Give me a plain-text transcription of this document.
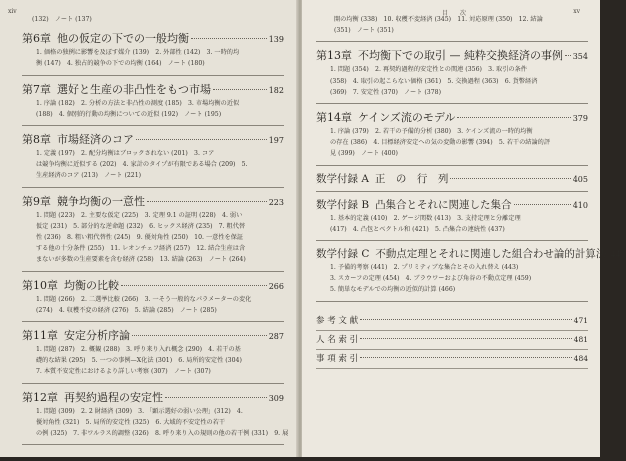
xiv
(132)　ノート (137)
第6章 他の仮定の下での一般均衡	139
1. 価格の独例に影響を及ぼす媒介 (139)　2. 外部性 (142)　3. 一時的均
衡 (147)　4. 独占的競争の下での均衡 (164)　ノート (180)
第7章 選好と生産の非凸性をもつ市場	182
1. 序論 (182)　2. 分析の方法と非凸性の測度 (185)　3. 市場均衡の近似
(188)　4. 個別的行動の均衡についての近似 (192)　ノート (195)
第8章 市場経済のコア	197
1. 定義 (197)　2. 配分均衡はブロックされない (201)　3. コア
は競争均衡に近似する (202)　4. 家計のタイプが有限である場合 (209)　5.
生産経済のコア (213)　ノート (221)
第9章 競争均衡の一意性	223
1. 問題 (223)　2. 主要な仮定 (225)　3. 定理 9.1 の証明 (228)　4. 弱い
仮定 (231)　5. 部分的な逆命題 (232)　6. ヒックス経済 (235)　7. 粗代替
性 (236)　8. 粗い粗代替性 (245)　9. 優対角性 (250)　10. 一意性を保証
する他の十分条件 (255)　11. レオンチェフ経済 (257)　12. 結合生産は含
まないが多数の生産要素を含む経済 (258)　13. 結論 (263)　ノート (264)
第10章 均衡の比較	266
1. 問題 (266)　2. 二選挙比較 (266)　3. 一そう一般的なパラメーターの変化
(274)　4. 収穫不変の経済 (276)　5. 結論 (285)　ノート (285)
第11章 安定分析序論	287
1. 問題 (287)　2. 概観 (288)　3. 呼り来り入れ概念 (290)　4. 若干の基
礎的な結果 (295)　5. 一つの事例—X化法 (301)　6. 局所的安定性 (304)
7. 本質不安定性におけるより詳しい考察 (307)　ノート (307)
第12章 再契約過程の安定性	309
1. 問題 (309)　2. 2 財経済 (309)　3. 「顕示選好の弱い公理」(312)　4.
優対角性 (321)　5. 局所的安定性 (325)　6. 大域的不安定性の若干
の例 (325)　7. 非ワルラス的調整 (326)　8. 呼り来り入の規則の他の若干例 (331)　9. 展
目　　次	xv
開の均衡 (338)　10. 収穫不変経済 (345)　11. 対応原理 (350)　12. 結論
(351)　ノート (351)
第13章 不均衡下での取引 — 純粋交換経済の事例 354
1. 問題 (354)　2. 再契約過程的安定性との関連 (356)　3. 取引の条件
(358)　4. 取引の起こらない価格 (361)　5. 交換過程 (363)　6. 貨幣経済
(369)　7. 安定性 (370)　ノート (378)
第14章 ケインズ流のモデル	379
1. 序論 (379)　2. 若干の予備的分析 (380)　3. ケインズ流の一時的均衡
の存在 (386)　4. 目標経済安定への気の変動の影響 (394)　5. 若干の結論的評
見 (399)　ノート (400)
数学付録 A 正　の　行　列	405
数学付録 B 凸集合とそれに関連した集合	410
1. 基本的定義 (410)　2. ゲージ関数 (413)　3. 支持定理と分離定理
(417)　4. 凸包とベクトル和 (421)　5. 凸集合の連続性 (437)
数学付録 C 不動点定理とそれに関連した組合わせ論的計算法 441
1. 予備的考察 (441)　2. プリミティブな集合とその入れ替え (443)
3. スカーフの定理 (454)　4. ブラウワーおよび角谷の不動点定理 (459)
5. 簡単なモデルでの均衡の近似的計算 (466)
参 考 文 献	471
人 名 索 引	481
事 項 索 引	484
